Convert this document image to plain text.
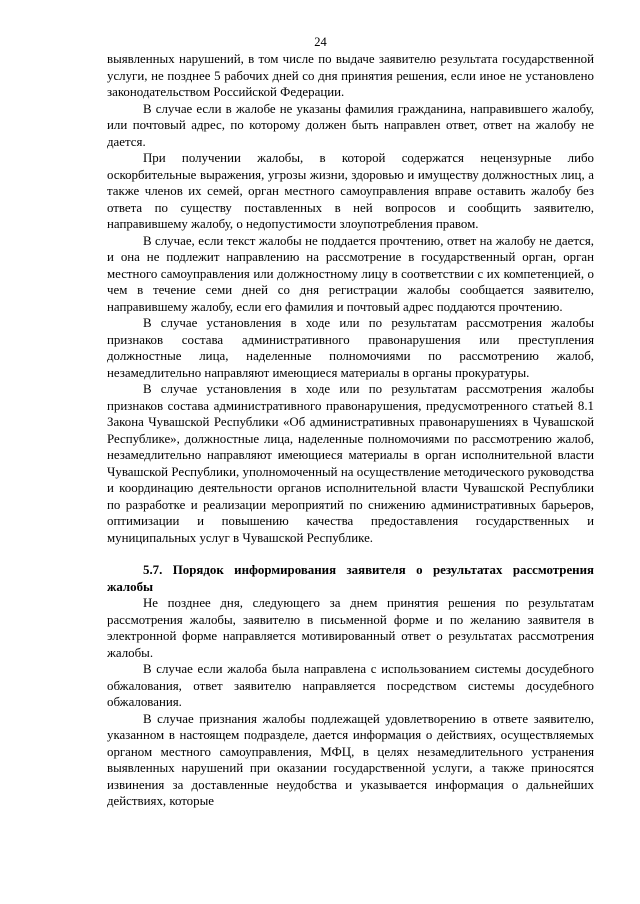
24

выявленных нарушений, в том числе по выдаче заявителю результата государственной услуги, не позднее 5 рабочих дней со дня принятия решения, если иное не установлено законодательством Российской Федерации.

В случае если в жалобе не указаны фамилия гражданина, направившего жалобу, или почтовый адрес, по которому должен быть направлен ответ, ответ на жалобу не дается.

При получении жалобы, в которой содержатся нецензурные либо оскорбительные выражения, угрозы жизни, здоровью и имуществу должностных лиц, а также членов их семей, орган местного самоуправления вправе оставить жалобу без ответа по существу поставленных в ней вопросов и сообщить заявителю, направившему жалобу, о недопустимости злоупотребления правом.

В случае, если текст жалобы не поддается прочтению, ответ на жалобу не дается, и она не подлежит направлению на рассмотрение в государственный орган, орган местного самоуправления или должностному лицу в соответствии с их компетенцией, о чем в течение семи дней со дня регистрации жалобы сообщается заявителю, направившему жалобу, если его фамилия и почтовый адрес поддаются прочтению.

В случае установления в ходе или по результатам рассмотрения жалобы признаков состава административного правонарушения или преступления должностные лица, наделенные полномочиями по рассмотрению жалоб, незамедлительно направляют имеющиеся материалы в органы прокуратуры.

В случае установления в ходе или по результатам рассмотрения жалобы признаков состава административного правонарушения, предусмотренного статьей 8.1 Закона Чувашской Республики «Об административных правонарушениях в Чувашской Республике», должностные лица, наделенные полномочиями по рассмотрению жалоб, незамедлительно направляют имеющиеся материалы в орган исполнительной власти Чувашской Республики, уполномоченный на осуществление методического руководства и координацию деятельности органов исполнительной власти Чувашской Республики по разработке и реализации мероприятий по снижению административных барьеров, оптимизации и повышению качества предоставления государственных и муниципальных услуг в Чувашской Республике.

5.7. Порядок информирования заявителя о результатах рассмотрения жалобы

Не позднее дня, следующего за днем принятия решения по результатам рассмотрения жалобы, заявителю в письменной форме и по желанию заявителя в электронной форме направляется мотивированный ответ о результатах рассмотрения жалобы.

В случае если жалоба была направлена с использованием системы досудебного обжалования, ответ заявителю направляется посредством системы досудебного обжалования.

В случае признания жалобы подлежащей удовлетворению в ответе заявителю, указанном в настоящем подразделе, дается информация о действиях, осуществляемых органом местного самоуправления, МФЦ, в целях незамедлительного устранения выявленных нарушений при оказании государственной услуги, а также приносятся извинения за доставленные неудобства и указывается информация о дальнейших действиях, которые
